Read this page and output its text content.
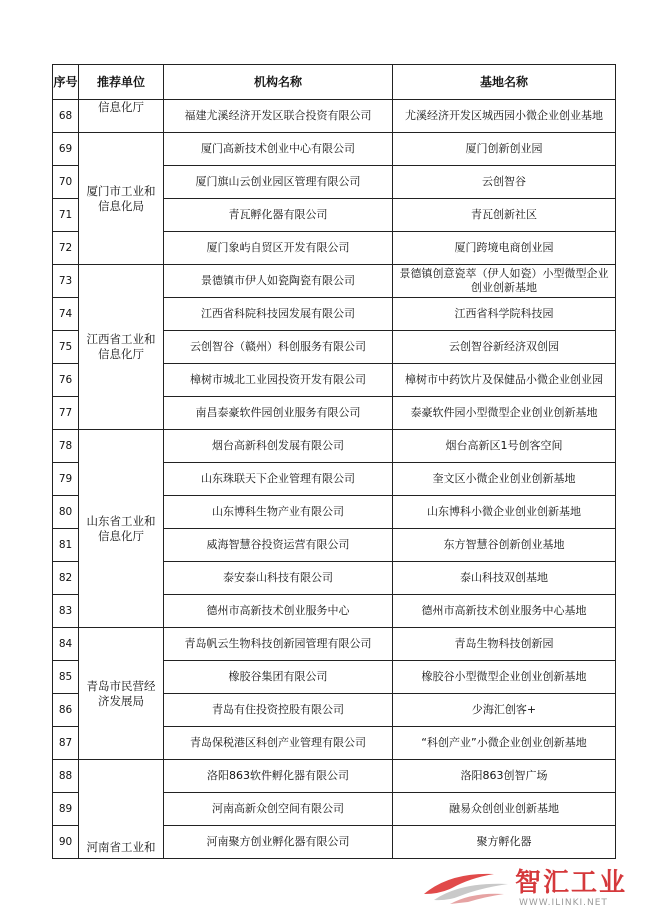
序号	推荐单位	机构名称	基地名称
68	信息化厅	福建尤溪经济开发区联合投资有限公司	尤溪经济开发区城西园小微企业创业基地
69	厦门市工业和信息化局	厦门高新技术创业中心有限公司	厦门创新创业园
70		厦门旗山云创业园区管理有限公司	云创智谷
71		青瓦孵化器有限公司	青瓦创新社区
72		厦门象屿自贸区开发有限公司	厦门跨境电商创业园
73	江西省工业和信息化厅	景德镇市伊人如瓷陶瓷有限公司	景德镇创意瓷萃（伊人如瓷）小型微型企业创业创新基地
74		江西省科院科技园发展有限公司	江西省科学院科技园
75		云创智谷（赣州）科创服务有限公司	云创智谷新经济双创园
76		樟树市城北工业园投资开发有限公司	樟树市中药饮片及保健品小微企业创业园
77		南昌泰豪软件园创业服务有限公司	泰豪软件园小型微型企业创业创新基地
78	山东省工业和信息化厅	烟台高新科创发展有限公司	烟台高新区1号创客空间
79		山东珠联天下企业管理有限公司	奎文区小微企业创业创新基地
80		山东博科生物产业有限公司	山东博科小微企业创业创新基地
81		威海智慧谷投资运营有限公司	东方智慧谷创新创业基地
82		泰安泰山科技有限公司	泰山科技双创基地
83		德州市高新技术创业服务中心	德州市高新技术创业服务中心基地
84	青岛市民营经济发展局	青岛帆云生物科技创新园管理有限公司	青岛生物科技创新园
85		橡胶谷集团有限公司	橡胶谷小型微型企业创业创新基地
86		青岛有住投资控股有限公司	少海汇创客+
87		青岛保税港区科创产业管理有限公司	“科创产业”小微企业创业创新基地
88	河南省工业和	洛阳863软件孵化器有限公司	洛阳863创智广场
89		河南高新众创空间有限公司	融易众创创业创新基地
90		河南聚方创业孵化器有限公司	聚方孵化器
智汇工业
WWW.ILINKI.NET
